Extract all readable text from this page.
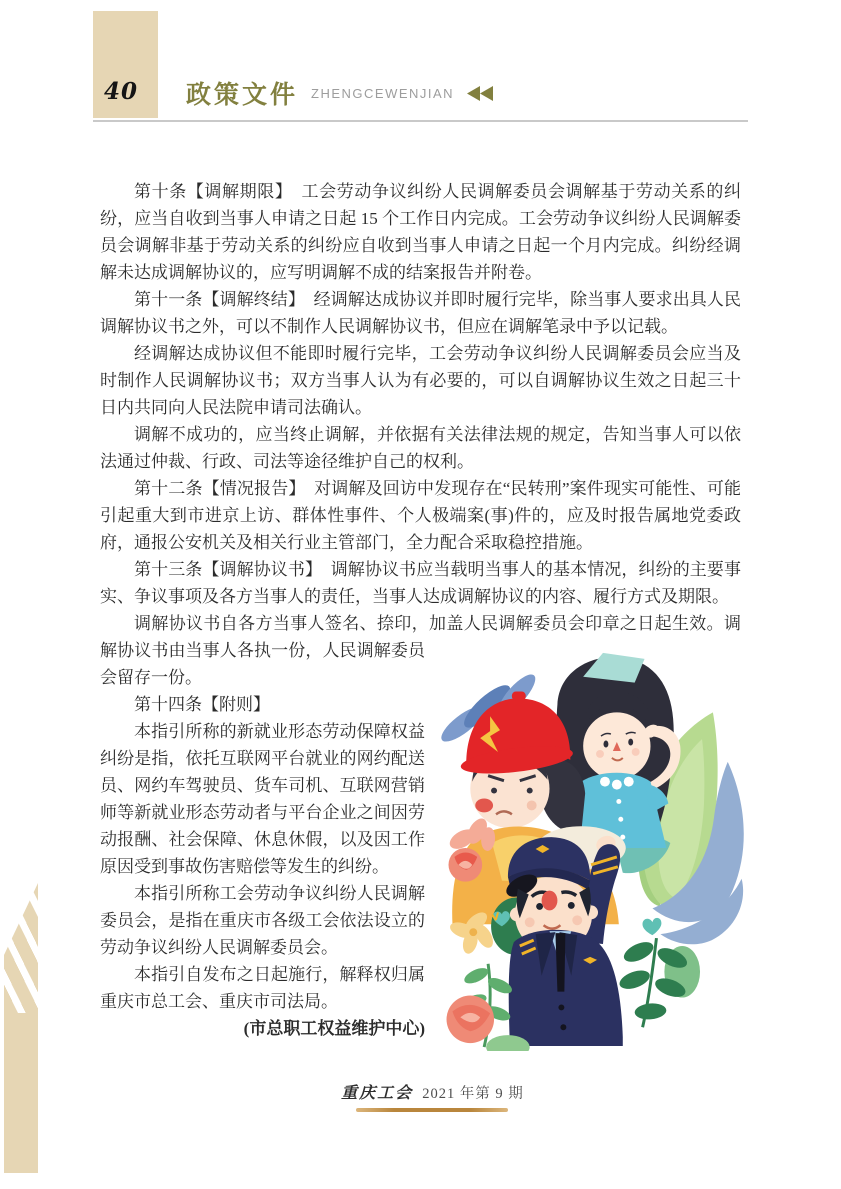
40 政策文件 ZHENGCEWENJIAN

第十条【调解期限】　工会劳动争议纠纷人民调解委员会调解基于劳动关系的纠纷，应当自收到当事人申请之日起 15 个工作日内完成。工会劳动争议纠纷人民调解委员会调解非基于劳动关系的纠纷应自收到当事人申请之日起一个月内完成。纠纷经调解未达成调解协议的，应写明调解不成的结案报告并附卷。

第十一条【调解终结】　经调解达成协议并即时履行完毕，除当事人要求出具人民调解协议书之外，可以不制作人民调解协议书，但应在调解笔录中予以记载。

经调解达成协议但不能即时履行完毕，工会劳动争议纠纷人民调解委员会应当及时制作人民调解协议书；双方当事人认为有必要的，可以自调解协议生效之日起三十日内共同向人民法院申请司法确认。

调解不成功的，应当终止调解，并依据有关法律法规的规定，告知当事人可以依法通过仲裁、行政、司法等途径维护自己的权利。

第十二条【情况报告】　对调解及回访中发现存在“民转刑”案件现实可能性、可能引起重大到市进京上访、群体性事件、个人极端案(事)件的，应及时报告属地党委政府，通报公安机关及相关行业主管部门，全力配合采取稳控措施。

第十三条【调解协议书】　调解协议书应当载明当事人的基本情况，纠纷的主要事实、争议事项及各方当事人的责任，当事人达成调解协议的内容、履行方式及期限。

调解协议书自各方当事人签名、捺印，加盖人民调解委员会印章之日起生效。调解协议书由当事人各执一份，人民调解委员会留存一份。

第十四条【附则】

本指引所称的新就业形态劳动保障权益纠纷是指，依托互联网平台就业的网约配送员、网约车驾驶员、货车司机、互联网营销师等新就业形态劳动者与平台企业之间因劳动报酬、社会保障、休息休假，以及因工作原因受到事故伤害赔偿等发生的纠纷。

本指引所称工会劳动争议纠纷人民调解委员会，是指在重庆市各级工会依法设立的劳动争议纠纷人民调解委员会。

本指引自发布之日起施行，解释权归属重庆市总工会、重庆市司法局。

(市总职工权益维护中心)

重庆工会 2021 年第 9 期
